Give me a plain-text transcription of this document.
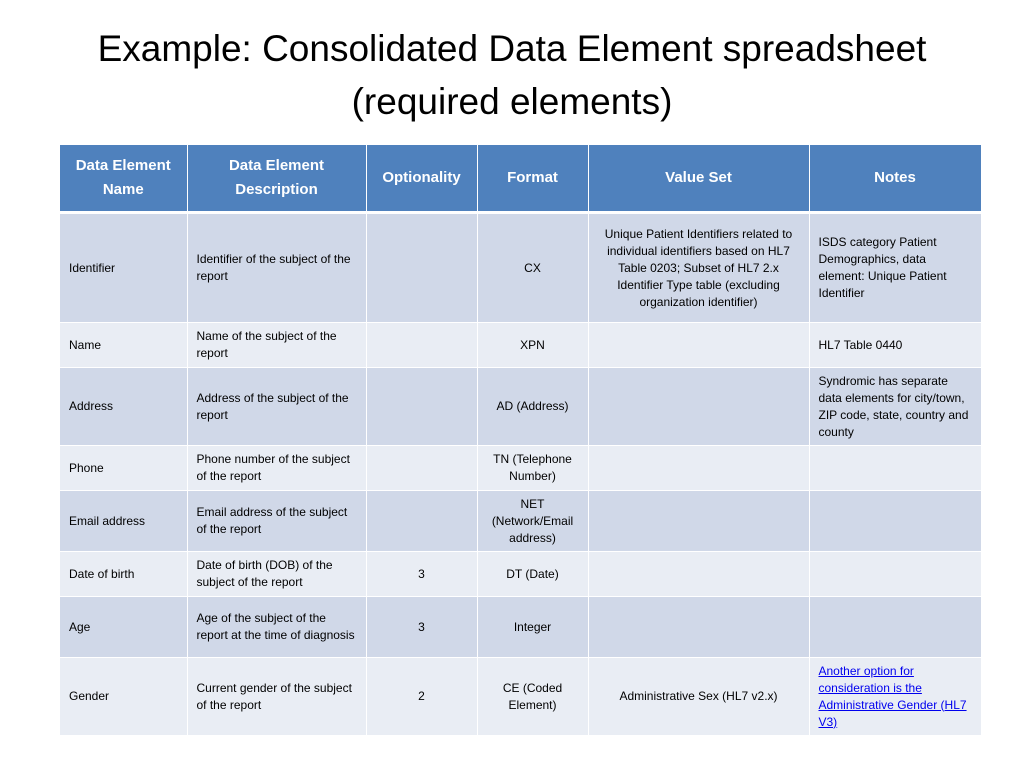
Example: Consolidated Data Element spreadsheet
(required elements)
Data Element Name	Data Element Description	Optionality	Format	Value Set	Notes
Identifier	Identifier of the subject of the report		CX	Unique Patient Identifiers related to individual identifiers based on HL7 Table 0203; Subset of HL7 2.x Identifier Type table (excluding organization identifier)	ISDS category Patient Demographics, data element: Unique Patient Identifier
Name	Name of the subject of the report		XPN		HL7 Table 0440
Address	Address of the subject of the report		AD (Address)		Syndromic has separate data elements for city/town, ZIP code, state, country and county
Phone	Phone number of the subject of the report		TN (Telephone Number)		
Email address	Email address of the subject of the report		NET (Network/Email address)		
Date of birth	Date of birth (DOB) of the subject of the report	3	DT (Date)		
Age	Age of the subject of the report at the time of diagnosis	3	Integer		
Gender	Current gender of the subject of the report	2	CE (Coded Element)	Administrative Sex (HL7 v2.x)	Another option for consideration is the Administrative Gender (HL7 V3)
